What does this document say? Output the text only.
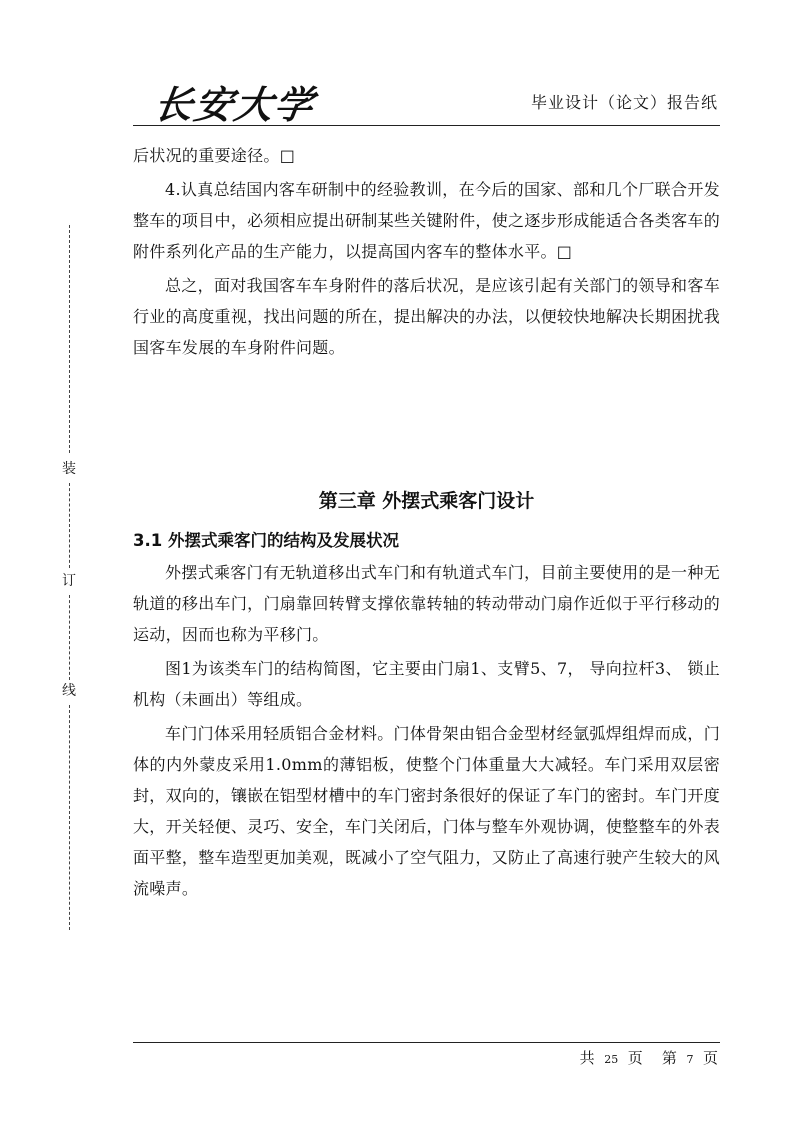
长安大学	毕业设计（论文）报告纸
装
订
线

后状况的重要途径。□

4.认真总结国内客车研制中的经验教训，在今后的国家、部和几个厂联合开发整车的项目中，必须相应提出研制某些关键附件，使之逐步形成能适合各类客车的附件系列化产品的生产能力，以提高国内客车的整体水平。□

总之，面对我国客车车身附件的落后状况，是应该引起有关部门的领导和客车行业的高度重视，找出问题的所在，提出解决的办法，以便较快地解决长期困扰我国客车发展的车身附件问题。

第三章 外摆式乘客门设计
3.1 外摆式乘客门的结构及发展状况

外摆式乘客门有无轨道移出式车门和有轨道式车门，目前主要使用的是一种无轨道的移出车门，门扇靠回转臂支撑依靠转轴的转动带动门扇作近似于平行移动的运动，因而也称为平移门。

图1为该类车门的结构简图，它主要由门扇1、支臂5、7， 导向拉杆3、 锁止机构（未画出）等组成。

车门门体采用轻质铝合金材料。门体骨架由铝合金型材经氩弧焊组焊而成，门体的内外蒙皮采用1.0mm的薄铝板，使整个门体重量大大减轻。车门采用双层密封，双向的，镶嵌在铝型材槽中的车门密封条很好的保证了车门的密封。车门开度大，开关轻便、灵巧、安全，车门关闭后，门体与整车外观协调，使整整车的外表面平整，整车造型更加美观，既减小了空气阻力，又防止了高速行驶产生较大的风流噪声。

共 25 页 第 7 页
